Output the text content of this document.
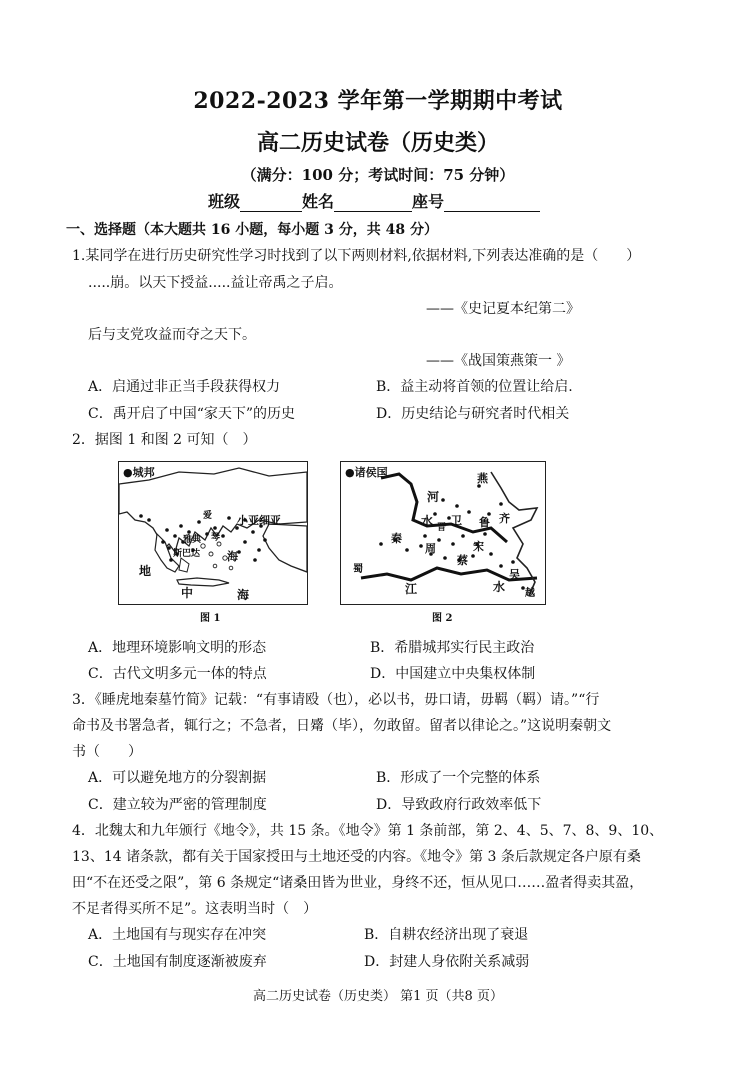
2022-2023 学年第一学期期中考试
高二历史试卷（历史类）
（满分：100 分；考试时间：75 分钟）
班级	姓名	座号
一、选择题（本大题共 16 小题，每小题 3 分，共 48 分）
1.某同学在进行历史研究性学习时找到了以下两则材料,依据材料,下列表达准确的是（　　）
.....崩。以天下授益.....益让帝禹之子启。
——《史记夏本纪第二》
后与支党攻益而夺之天下。
——《战国策燕策一 》
A．启通过非正当手段获得权力	B．益主动将首领的位置让给启.
C．禹开启了中国“家天下”的历史	D．历史结论与研究者时代相关
2．据图 1 和图 2 可知（　）
●城邦
小亚细亚
爱
雅典 琴
斯巴达 海
地
中	海
图 1
●诸侯国	燕
河
水 晋
卫 鲁 齐
秦
周	宋
蔡
蜀
江
吴
水 越
图 2
A．地理环境影响文明的形态	B．希腊城邦实行民主政治
C．古代文明多元一体的特点	D．中国建立中央集权体制
3．《睡虎地秦墓竹简》记载：“有事请殴（也），必以书，毋口请，毋羁（羁）请。”“行
命书及书署急者，辄行之；不急者，日觱（毕），勿敢留。留者以律论之。”这说明秦朝文
书（　　）
A．可以避免地方的分裂割据	B．形成了一个完整的体系
C．建立较为严密的管理制度	D．导致政府行政效率低下
4．北魏太和九年颁行《地令》，共 15 条。《地令》第 1 条前部，第 2、4、5、7、8、9、10、
13、14 诸条款，都有关于国家授田与土地还受的内容。《地令》第 3 条后款规定各户原有桑
田“不在还受之限”，第 6 条规定“诸桑田皆为世业，身终不还，恒从见口……盈者得卖其盈，
不足者得买所不足”。这表明当时（　）
A．土地国有与现实存在冲突	B．自耕农经济出现了衰退
C．土地国有制度逐渐被废弃	D．封建人身依附关系减弱
高二历史试卷（历史类） 第1 页（共8 页）
